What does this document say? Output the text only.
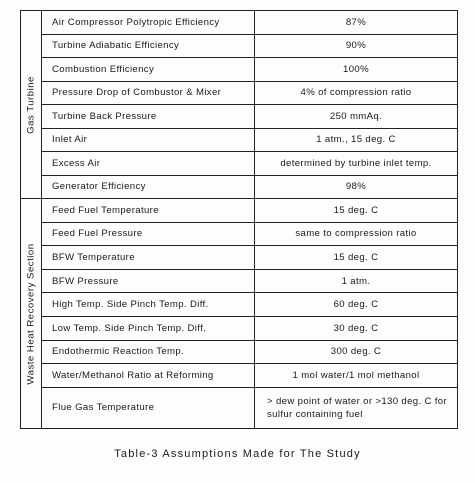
Gas Turbine	Air Compressor Polytropic Efficiency	87%
	Turbine Adiabatic Efficiency	90%
	Combustion Efficiency	100%
	Pressure Drop of Combustor & Mixer	4% of compression ratio
	Turbine Back Pressure	250 mmAq.
	Inlet Air	1 atm., 15 deg. C
	Excess Air	determined by turbine inlet temp.
	Generator Efficiency	98%

Waste Heat Recovery Section	Feed Fuel Temperature	15 deg. C
	Feed Fuel Pressure	same to compression ratio
	BFW Temperature	15 deg. C
	BFW Pressure	1 atm.
	High Temp. Side Pinch Temp. Diff.	60 deg. C
	Low Temp. Side Pinch Temp. Diff.	30 deg. C
	Endothermic Reaction Temp.	300 deg. C
	Water/Methanol Ratio at Reforming	1 mol water/1 mol methanol
	Flue Gas Temperature	> dew point of water or >130 deg. C for sulfur containing fuel
Table-3 Assumptions Made for The Study
